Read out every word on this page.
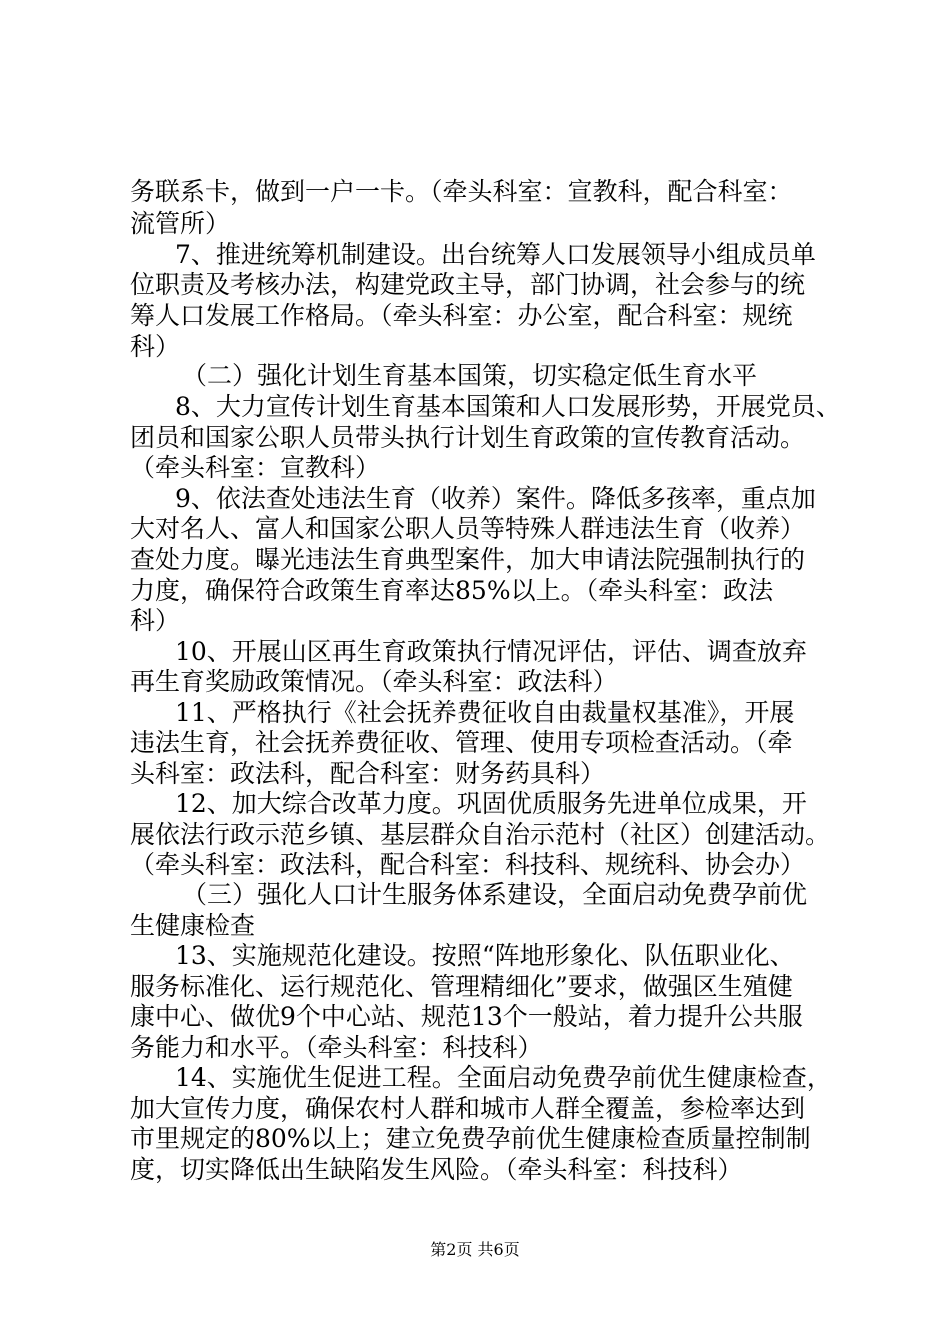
务联系卡，做到一户一卡。（牵头科室：宣教科，配合科室：
流管所）
7、推进统筹机制建设。出台统筹人口发展领导小组成员单
位职责及考核办法，构建党政主导，部门协调，社会参与的统
筹人口发展工作格局。（牵头科室：办公室，配合科室：规统
科）
（二）强化计划生育基本国策，切实稳定低生育水平
8、大力宣传计划生育基本国策和人口发展形势，开展党员、
团员和国家公职人员带头执行计划生育政策的宣传教育活动。
（牵头科室：宣教科）
9、依法查处违法生育（收养）案件。降低多孩率，重点加
大对名人、富人和国家公职人员等特殊人群违法生育（收养）
查处力度。曝光违法生育典型案件，加大申请法院强制执行的
力度，确保符合政策生育率达85%以上。（牵头科室：政法
科）
10、开展山区再生育政策执行情况评估，评估、调查放弃
再生育奖励政策情况。（牵头科室：政法科）
11、严格执行《社会抚养费征收自由裁量权基准》，开展
违法生育，社会抚养费征收、管理、使用专项检查活动。（牵
头科室：政法科，配合科室：财务药具科）
12、加大综合改革力度。巩固优质服务先进单位成果，开
展依法行政示范乡镇、基层群众自治示范村（社区）创建活动。
（牵头科室：政法科，配合科室：科技科、规统科、协会办）
（三）强化人口计生服务体系建设，全面启动免费孕前优
生健康检查
13、实施规范化建设。按照“阵地形象化、队伍职业化、
服务标准化、运行规范化、管理精细化”要求，做强区生殖健
康中心、做优9个中心站、规范13个一般站，着力提升公共服
务能力和水平。（牵头科室：科技科）
14、实施优生促进工程。全面启动免费孕前优生健康检查，
加大宣传力度，确保农村人群和城市人群全覆盖，参检率达到
市里规定的80%以上；建立免费孕前优生健康检查质量控制制
度，切实降低出生缺陷发生风险。（牵头科室：科技科）
第2页 共6页
